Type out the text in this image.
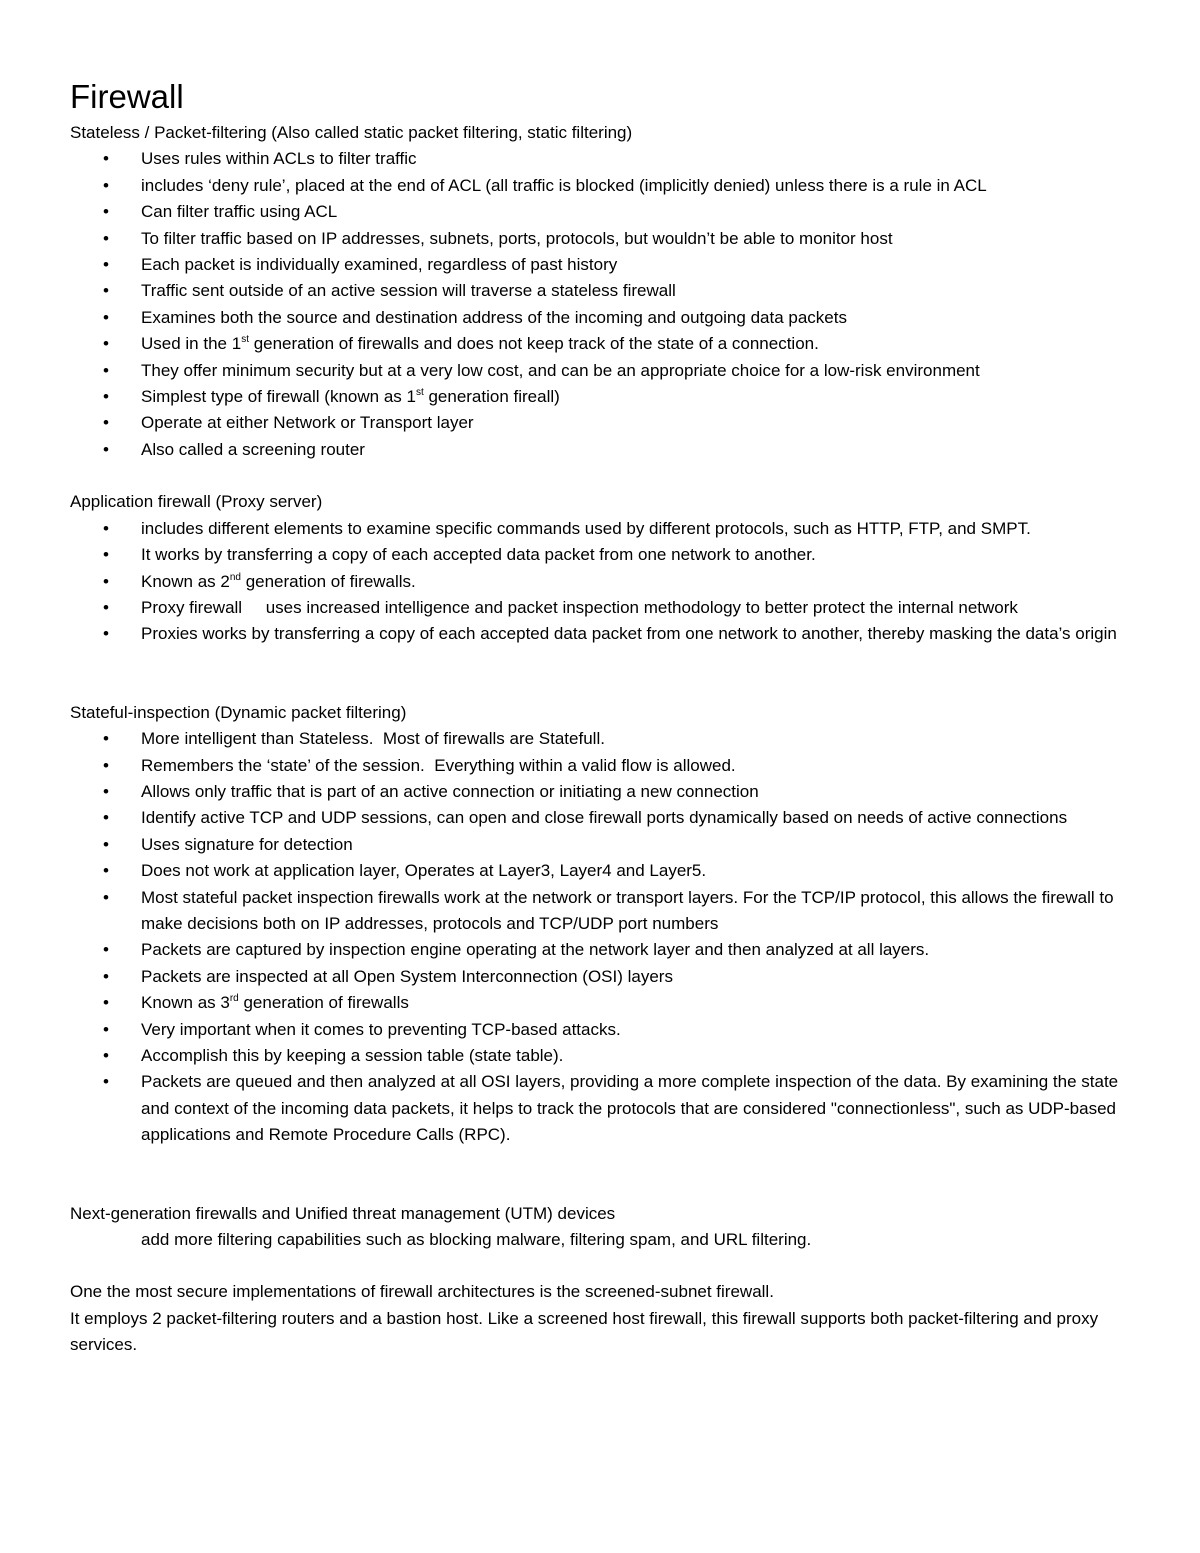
Firewall

Stateless / Packet-filtering (Also called static packet filtering, static filtering)

• Uses rules within ACLs to filter traffic
• includes ‘deny rule’, placed at the end of ACL (all traffic is blocked (implicitly denied) unless there is a rule in ACL
• Can filter traffic using ACL
• To filter traffic based on IP addresses, subnets, ports, protocols, but wouldn’t be able to monitor host
• Each packet is individually examined, regardless of past history
• Traffic sent outside of an active session will traverse a stateless firewall
• Examines both the source and destination address of the incoming and outgoing data packets
• Used in the 1st generation of firewalls and does not keep track of the state of a connection.
• They offer minimum security but at a very low cost, and can be an appropriate choice for a low-risk environment
• Simplest type of firewall (known as 1st generation fireall)
• Operate at either Network or Transport layer
• Also called a screening router

Application firewall (Proxy server)

• includes different elements to examine specific commands used by different protocols, such as HTTP, FTP, and SMPT.
• It works by transferring a copy of each accepted data packet from one network to another.
• Known as 2nd generation of firewalls.
• Proxy firewall     uses increased intelligence and packet inspection methodology to better protect the internal network
• Proxies works by transferring a copy of each accepted data packet from one network to another, thereby masking the data’s origin

Stateful-inspection (Dynamic packet filtering)

• More intelligent than Stateless.  Most of firewalls are Statefull.
• Remembers the ‘state’ of the session.  Everything within a valid flow is allowed.
• Allows only traffic that is part of an active connection or initiating a new connection
• Identify active TCP and UDP sessions, can open and close firewall ports dynamically based on needs of active connections
• Uses signature for detection
• Does not work at application layer, Operates at Layer3, Layer4 and Layer5.
• Most stateful packet inspection firewalls work at the network or transport layers. For the TCP/IP protocol, this allows the firewall to make decisions both on IP addresses, protocols and TCP/UDP port numbers
• Packets are captured by inspection engine operating at the network layer and then analyzed at all layers.
• Packets are inspected at all Open System Interconnection (OSI) layers
• Known as 3rd generation of firewalls
• Very important when it comes to preventing TCP-based attacks.
• Accomplish this by keeping a session table (state table).
• Packets are queued and then analyzed at all OSI layers, providing a more complete inspection of the data. By examining the state and context of the incoming data packets, it helps to track the protocols that are considered "connectionless", such as UDP-based applications and Remote Procedure Calls (RPC).

Next-generation firewalls and Unified threat management (UTM) devices

add more filtering capabilities such as blocking malware, filtering spam, and URL filtering.

One the most secure implementations of firewall architectures is the screened-subnet firewall.

It employs 2 packet-filtering routers and a bastion host. Like a screened host firewall, this firewall supports both packet-filtering and proxy services.
